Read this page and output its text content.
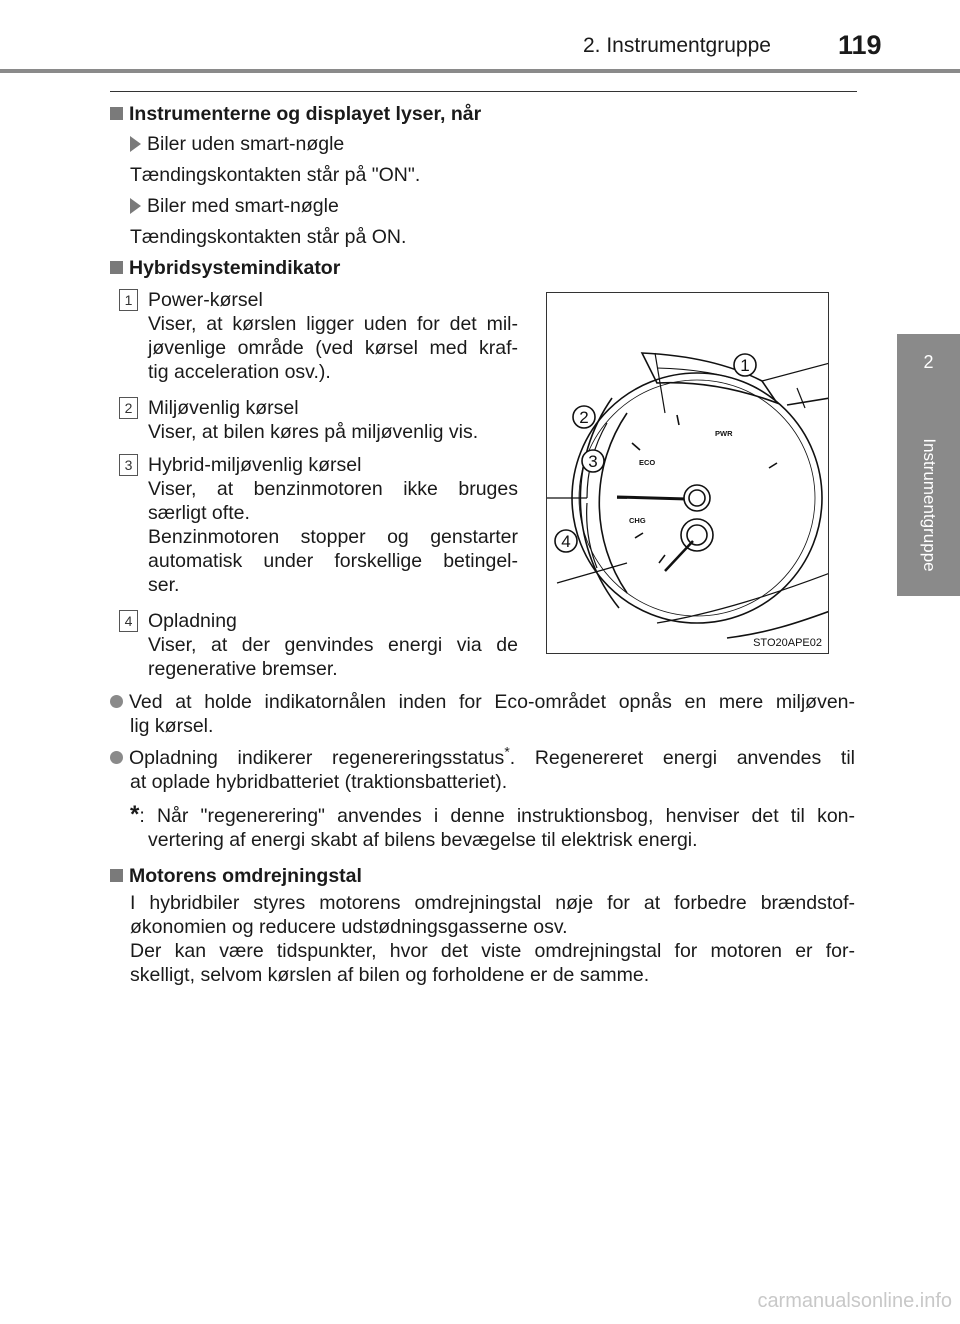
2. Instrumentgruppe 119
2
Instrumentgruppe
Instrumenterne og displayet lyser, når
Biler uden smart-nøgle
Tændingskontakten står på "ON".
Biler med smart-nøgle
Tændingskontakten står på ON.
Hybridsystemindikator
1 Power-kørsel
Viser, at kørslen ligger uden for det mil-
jøvenlige område (ved kørsel med kraf-
tig acceleration osv.).
2 Miljøvenlig kørsel
Viser, at bilen køres på miljøvenlig vis.
3 Hybrid-miljøvenlig kørsel
Viser, at benzinmotoren ikke bruges
særligt ofte.
Benzinmotoren stopper og genstarter
automatisk under forskellige betingel-
ser.
4 Opladning
Viser, at der genvindes energi via de
regenerative bremser.
1
2
3
4
PWR
ECO
CHG
STO20APE02
Ved at holde indikatornålen inden for Eco-området opnås en mere miljøven-
lig kørsel.
Opladning indikerer regenereringsstatus*. Regenereret energi anvendes til
at oplade hybridbatteriet (traktionsbatteriet).
*: Når "regenerering" anvendes i denne instruktionsbog, henviser det til kon-
vertering af energi skabt af bilens bevægelse til elektrisk energi.
Motorens omdrejningstal
I hybridbiler styres motorens omdrejningstal nøje for at forbedre brændstof-
økonomien og reducere udstødningsgasserne osv.
Der kan være tidspunkter, hvor det viste omdrejningstal for motoren er for-
skelligt, selvom kørslen af bilen og forholdene er de samme.
carmanualsonline.info
